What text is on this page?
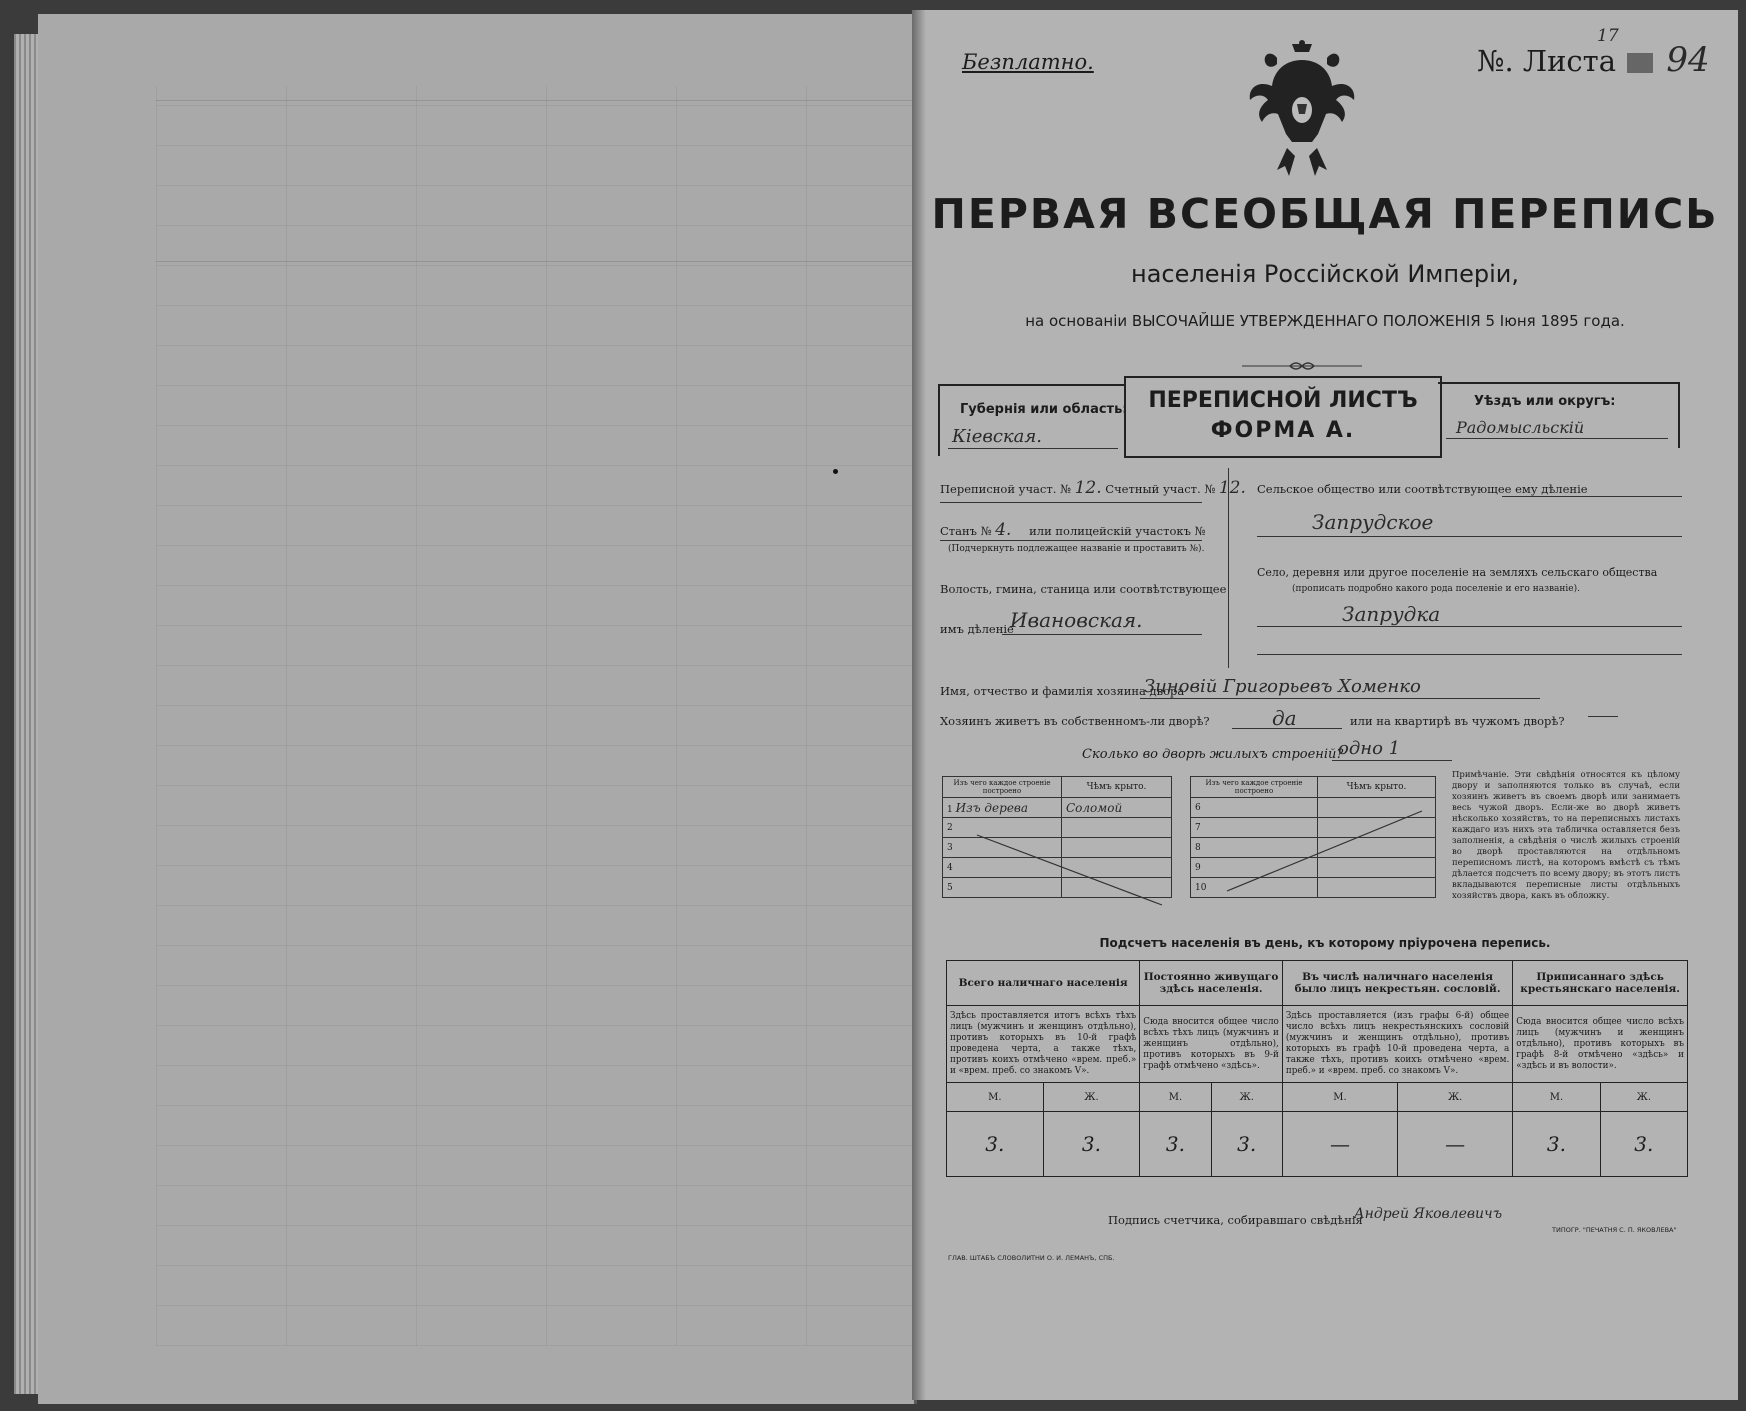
Безплатно.	№. Листа
17
94
ПЕРВАЯ ВСЕОБЩАЯ ПЕРЕПИСЬ
населенія Россійской Имперіи,
на основаніи ВЫСОЧАЙШЕ УТВЕРЖДЕННАГО ПОЛОЖЕНІЯ 5 Іюня 1895 года.
Губернія или область:
Кіевская.
ПЕРЕПИСНОЙ ЛИСТЪ
ФОРМА А.
Уѣздъ или округъ:
Радомысльскій
Переписной участ. № 12. Счетный участ. № 12.
Станъ № 4. или полицейскій участокъ №
(Подчеркнуть подлежащее названіе и проставить №).
Волость, гмина, станица или соотвѣтствующее
имъ дѣленіе
Ивановская.
Сельское общество или соотвѣтствующее ему дѣленіе
Запрудское
Село, деревня или другое поселеніе на земляхъ сельскаго общества
(прописать подробно какого рода поселеніе и его названіе).
Запрудка
Имя, отчество и фамилія хозяина двора
Зиновій Григорьевъ Хоменко
Хозяинъ живетъ въ собственномъ-ли дворѣ?	да	или на квартирѣ въ чужомъ дворѣ?
Сколько во дворѣ жилыхъ строеній?
одно 1
Изъ чего каждое строеніе построено	Чѣмъ крыто.
1 Изъ дерева	Соломой
2	
3	
4	
5	
Изъ чего каждое строеніе построено	Чѣмъ крыто.
6	
7	
8	
9	
10	
Примѣчаніе. Эти свѣдѣнія относятся къ цѣлому двору и заполняются только въ случаѣ, если хозяинъ живетъ въ своемъ дворѣ или занимаетъ весь чужой дворъ. Если-же во дворѣ живетъ нѣсколько хозяйствъ, то на переписныхъ листахъ каждаго изъ нихъ эта табличка оставляется безъ заполненія, а свѣдѣнія о числѣ жилыхъ строеній во дворѣ проставляются на отдѣльномъ переписномъ листѣ, на которомъ вмѣстѣ съ тѣмъ дѣлается подсчетъ по всему двору; въ этотъ листъ вкладываются переписные листы отдѣльныхъ хозяйствъ двора, какъ въ обложку.
Подсчетъ населенія въ день, къ которому пріурочена перепись.
Всего наличнаго населенія		Постоянно живущаго здѣсь населенія.		Въ числѣ наличнаго населенія было лицъ некрестьян. сословій.		Приписаннаго здѣсь крестьянскаго населенія.	
Здѣсь проставляется итогъ всѣхъ тѣхъ лицъ (мужчинъ и женщинъ отдѣльно), противъ которыхъ въ 10-й графѣ проведена черта, а также тѣхъ, противъ коихъ отмѣчено «врем. преб.» и «врем. преб. со знакомъ V».		Сюда вносится общее число всѣхъ тѣхъ лицъ (мужчинъ и женщинъ отдѣльно), противъ которыхъ въ 9-й графѣ отмѣчено «здѣсь».		Здѣсь проставляется (изъ графы 6-й) общее число всѣхъ лицъ некрестьянскихъ сословій (мужчинъ и женщинъ отдѣльно), противъ которыхъ въ графѣ 10-й проведена черта, а также тѣхъ, противъ коихъ отмѣчено «врем. преб.» и «врем. преб. со знакомъ V».		Сюда вносится общее число всѣхъ лицъ (мужчинъ и женщинъ отдѣльно), противъ которыхъ въ графѣ 8-й отмѣчено «здѣсь» и «здѣсь и въ волости».	
М.	Ж.	М.	Ж.	М.	Ж.	М.	Ж.
3.	3.	3.	3.	—	—	3.	3.
Подпись счетчика, собиравшаго свѣдѣнія
Андрей Яковлевичъ
ГЛАВ. ШТАБЪ СЛОВОЛИТНИ О. И. ЛЕМАНЪ, СПБ.
ТИПОГР. "ПЕЧАТНЯ С. П. ЯКОВЛЕВА"
